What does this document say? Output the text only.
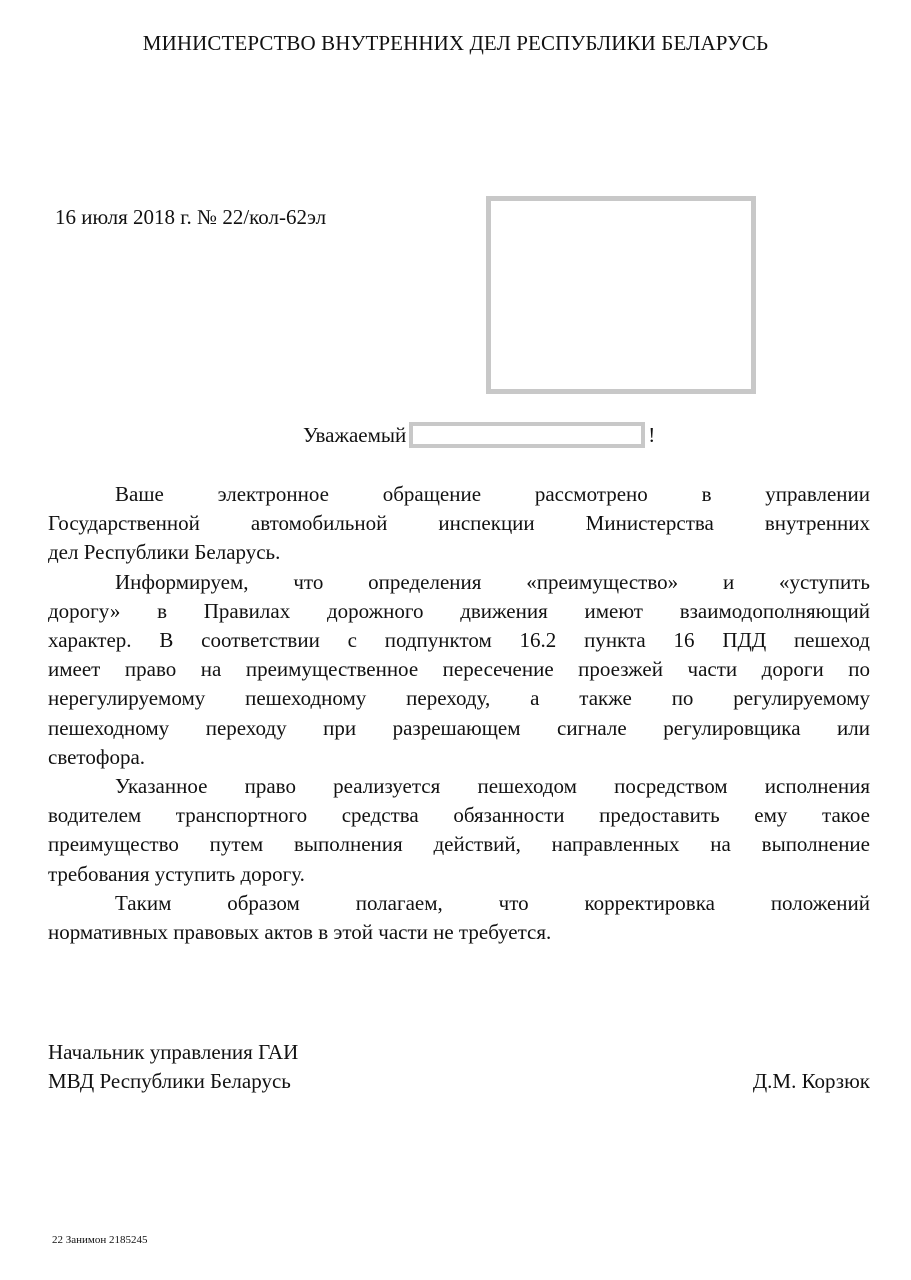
МИНИСТЕРСТВО ВНУТРЕННИХ ДЕЛ РЕСПУБЛИКИ БЕЛАРУСЬ
16 июля 2018 г. № 22/кол-62эл
Уважаемый	!
Ваше электронное обращение рассмотрено в управлении
Государственной автомобильной инспекции Министерства внутренних
дел Республики Беларусь.
Информируем, что определения «преимущество» и «уступить
дорогу» в Правилах дорожного движения имеют взаимодополняющий
характер. В соответствии с подпунктом 16.2 пункта 16 ПДД пешеход
имеет право на преимущественное пересечение проезжей части дороги по
нерегулируемому пешеходному переходу, а также по регулируемому
пешеходному переходу при разрешающем сигнале регулировщика или
светофора.
Указанное право реализуется пешеходом посредством исполнения
водителем транспортного средства обязанности предоставить ему такое
преимущество путем выполнения действий, направленных на выполнение
требования уступить дорогу.
Таким образом полагаем, что корректировка положений
нормативных правовых актов в этой части не требуется.
Начальник управления ГАИ
МВД Республики Беларусь	Д.М. Корзюк
22 Занимон 2185245
